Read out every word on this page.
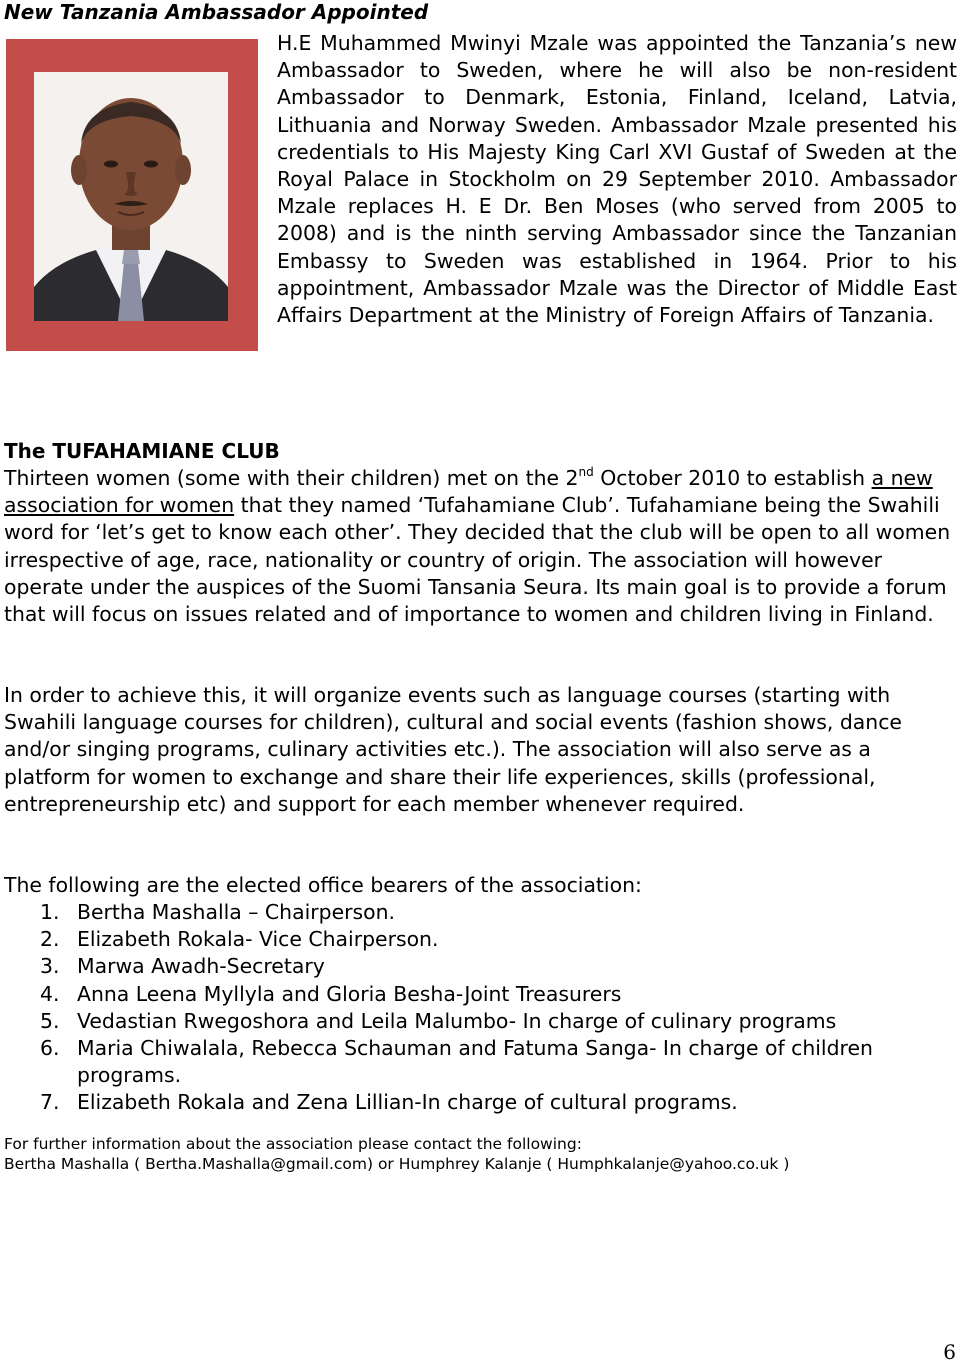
New Tanzania Ambassador Appointed

H.E Muhammed Mwinyi Mzale was appointed the Tanzania’s new Ambassador to Sweden, where he will also be non-resident Ambassador to Denmark, Estonia, Finland, Iceland, Latvia, Lithuania and Norway Sweden. Ambassador Mzale presented his credentials to His Majesty King Carl XVI Gustaf of Sweden at the Royal Palace in Stockholm on 29 September 2010. Ambassador Mzale replaces H. E Dr. Ben Moses (who served from 2005 to 2008) and is the ninth serving Ambassador since the Tanzanian Embassy to Sweden was established in 1964. Prior to his appointment, Ambassador Mzale was the Director of Middle East Affairs Department at the Ministry of Foreign Affairs of Tanzania.

The TUFAHAMIANE CLUB

Thirteen women (some with their children) met on the 2nd October 2010 to establish a new association for women that they named ‘Tufahamiane Club’. Tufahamiane being the Swahili word for ‘let’s get to know each other’. They decided that the club will be open to all women irrespective of age, race, nationality or country of origin. The association will however operate under the auspices of the Suomi Tansania Seura. Its main goal is to provide a forum that will focus on issues related and of importance to women and children living in Finland.

In order to achieve this, it will organize events such as language courses (starting with Swahili language courses for children), cultural and social events (fashion shows, dance and/or singing programs, culinary activities etc.). The association will also serve as a platform for women to exchange and share their life experiences, skills (professional, entrepreneurship etc) and support for each member whenever required.

The following are the elected office bearers of the association:

1. Bertha Mashalla – Chairperson.
2. Elizabeth Rokala- Vice Chairperson.
3. Marwa Awadh-Secretary
4. Anna Leena Myllyla and Gloria Besha-Joint Treasurers
5. Vedastian Rwegoshora and Leila Malumbo- In charge of culinary programs
6. Maria Chiwalala, Rebecca Schauman and Fatuma Sanga- In charge of children programs.
7. Elizabeth Rokala and Zena Lillian-In charge of cultural programs.

For further information about the association please contact the following:

Bertha Mashalla ( Bertha.Mashalla@gmail.com) or Humphrey Kalanje ( Humphkalanje@yahoo.co.uk )

6
